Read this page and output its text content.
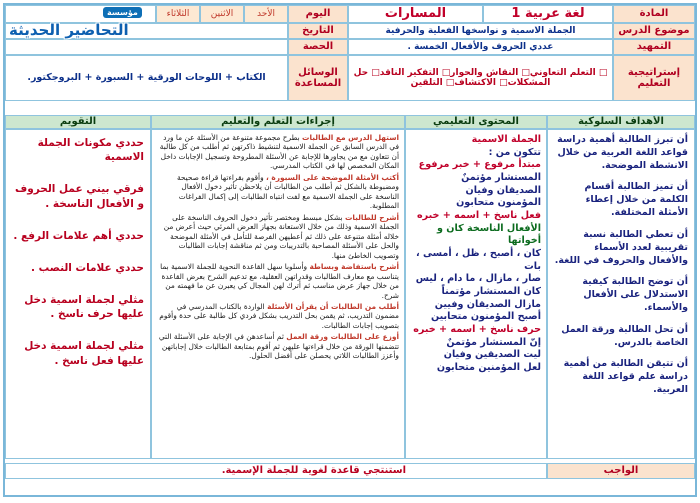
مؤسسة
التحاضير الحديثة
المادة
لغة عربية 1
المسارات
اليوم
الأحد
الاثنين
الثلاثاء
موضوع الدرس
الجملة الاسمية و نواسخها الفعلية والحرفية
التاريخ
التمهيد
عددي الحروف والأفعال الخمسة .
الحصة
إستراتيجية التعليم
□ التعلم التعاوني□ النقاش والحوار□ التفكير الناقد□ حل المشكلات□ الاكتشاف□ التلقين
الوسائل المساعدة
الكتاب + اللوحات الورقية + السبورة + البروجكتور.
الأهداف السلوكية
المحتوى التعليمي
إجراءات التعلم والتعليم
التقويم

أن تبرز الطالبة أهمية دراسة قواعد اللغة العربية من خلال الانشطة الموضحة.

أن تميز الطالبة أقسام الكلمة من خلال إعطاء الأمثلة المختلفة.

أن تعطي الطالبة نسبة تقريبية لعدد الأسماء والأفعال والحروف في اللغة.

أن توضح الطالبة كيفية الاستدلال على الأفعال والأسماء.

أن تحل الطالبة ورقة العمل الخاصة بالدرس.

أن تتيقن الطالبة من أهمية دراسة علم قواعد اللغة العربية.

الجملة الاسمية

تتكون من :

مبتدأ مرفوع + خبر مرفوع

المستشار مؤتمنٌ

الصديقان وفيان

المؤمنون متحابون

فعل ناسخ + اسمه + خبره

الأفعال الناسخة كان و أخواتها

كان ، أصبح ، ظل ، أمسى ، بات

صار ، مازال ، ما دام ، ليس

كان المستشار مؤتمناً

مازال الصديقان وفيين

أصبح المؤمنون متحابين

حرف ناسخ + اسمه + خبره

إنّ المستشار مؤتمنٌ

ليت الصديقين وفيان

لعل المؤمنين متحابون

استهل الدرس مع الطالبات بطرح مجموعة متنوعة من الأسئلة عن ما ورد في الدرس السابق عن الجملة الاسمية لتنشيط ذاكرتهن ثم أطلب من كل طالبة أن تتعاون مع من يجاورها للإجابة عن الأسئلة المطروحة وتسجيل الإجابات داخل المكان المخصص لها في الكتاب المدرسي.

أكتب الأمثلة الموضحة على السبورة ، وأقوم بقراءتها قراءة صحيحة ومضبوطة بالشكل ثم أطلب من الطالبات أن يلاحظن تأثير دخول الأفعال الناسخة على الجملة الاسمية مع لفت انتباه الطالبات إلى إكمال الفراغات المطلوبة.

أشرح للطالبات بشكل مبسط ومختصر تأثير دخول الحروف الناسخة على الجملة الاسمية وذلك من خلال الاستعانة بجهاز العرض المرئي حيث أعرض من خلاله أمثلة متنوعة على ذلك ثم أعطيهن الفرصة للتأمل في الأمثلة الموضحة والحل على الأسئلة المصاحبة بالتدريبات ومن ثم مناقشة إجابات الطالبات وتصويب الخاطئ منها.

أشرح باستفاضة وبساطة وأسلوبا سهل القاعدة النحوية للجملة الاسمية بما يتناسب مع معارف الطالبات وقدراتهن العقلية، مع تدعيم الشرح بعرض القاعدة من خلال جهاز عرض مناسب ثم أترك لهن المجال كي يعبرن عن ما فهمته من شرح.

أطلب من الطالبات أن يقرأن الأسئلة الواردة بالكتاب المدرسي في مضمون التدريب، ثم يقمن بحل التدريب بشكل فردي كل طالبة على حدة وأقوم بتصويب إجابات الطالبات.

أوزع على الطالبات ورقة العمل ثم أساعدهن في الإجابة على الأسئلة التي تتضمنها الورقة من خلال قراءتها عليهن ثم أقوم بمتابعة الطالبات خلال إجاباتهن وأعزز الطالبات اللاتي يحصلن على أفضل الحلول.

حددي مكونات الجملة الاسمية

فرقي بيني عمل الحروف و الأفعال الناسخة .

حددي أهم علامات الرفع .

حددي علامات النصب .

مثلي لجملة اسمية دخل عليها حرف ناسخ .

مثلي لجملة اسمية دخل عليها فعل ناسخ .

الواجب
استنتجي قاعدة لغوية للجملة الإسمية.
